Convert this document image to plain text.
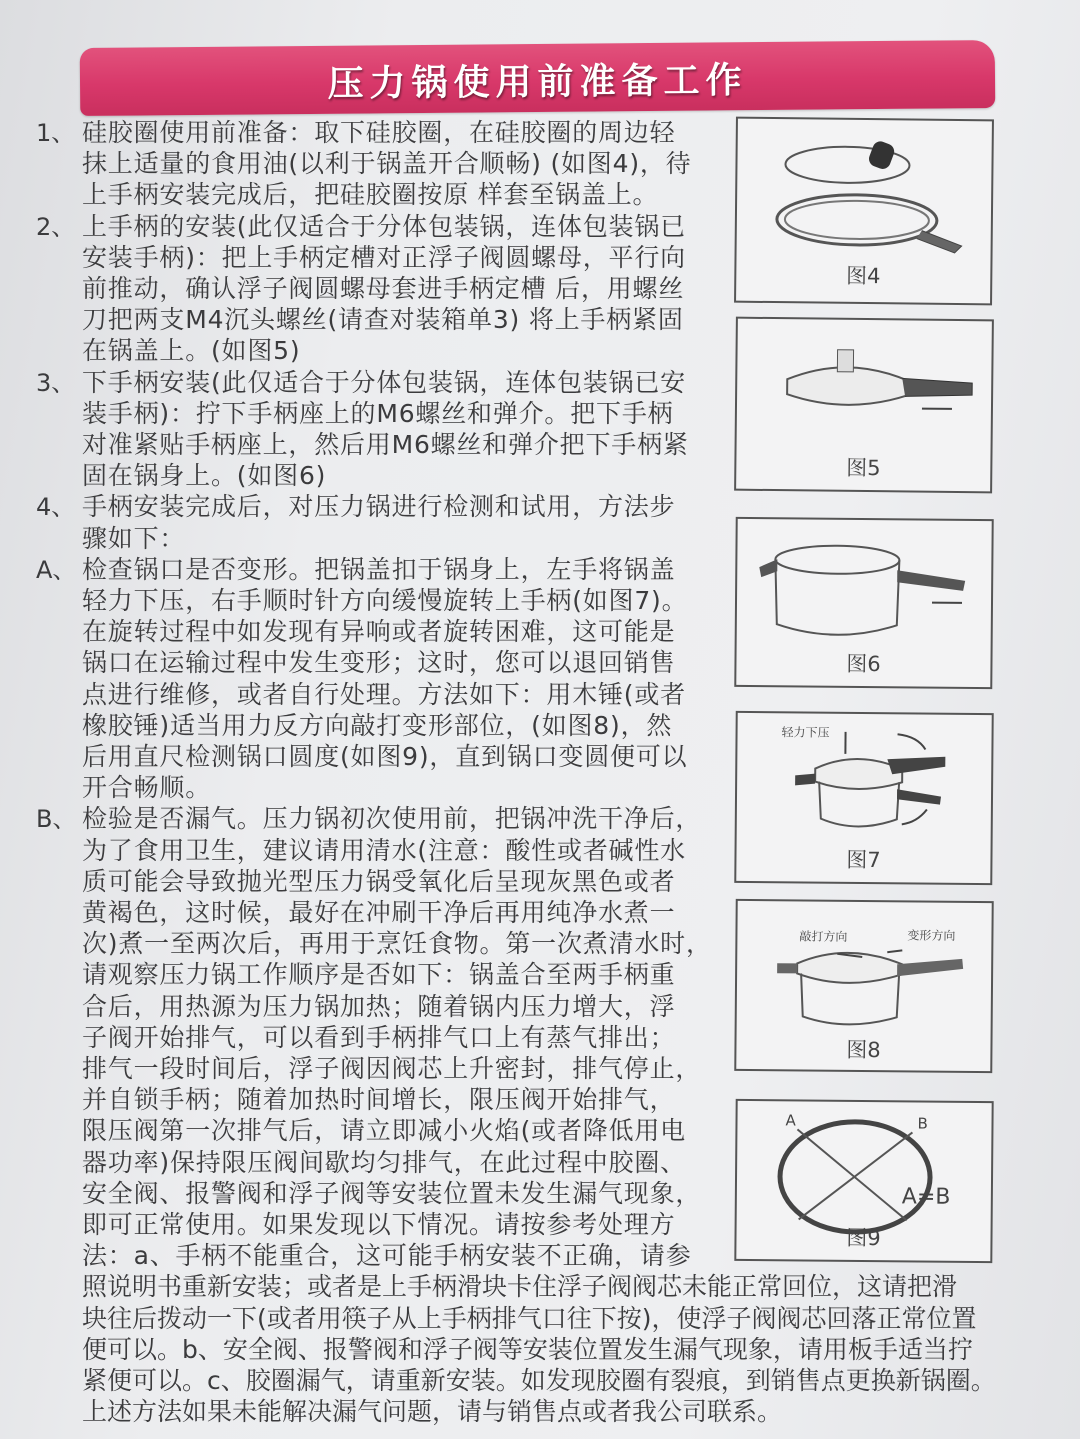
压力锅使用前准备工作
1、 硅胶圈使用前准备：取下硅胶圈，在硅胶圈的周边轻
抹上适量的食用油(以利于锅盖开合顺畅) (如图4)，待
上手柄安装完成后，把硅胶圈按原 样套至锅盖上。
2、 上手柄的安装(此仅适合于分体包装锅，连体包装锅已
安装手柄)：把上手柄定槽对正浮子阀圆螺母，平行向
前推动，确认浮子阀圆螺母套进手柄定槽 后，用螺丝
刀把两支M4沉头螺丝(请查对装箱单3) 将上手柄紧固
在锅盖上。(如图5)
3、 下手柄安装(此仅适合于分体包装锅，连体包装锅已安
装手柄)：拧下手柄座上的M6螺丝和弹介。把下手柄
对准紧贴手柄座上，然后用M6螺丝和弹介把下手柄紧
固在锅身上。(如图6)
4、 手柄安装完成后，对压力锅进行检测和试用，方法步
骤如下：
A、 检查锅口是否变形。把锅盖扣于锅身上，左手将锅盖
轻力下压，右手顺时针方向缓慢旋转上手柄(如图7)。
在旋转过程中如发现有异响或者旋转困难，这可能是
锅口在运输过程中发生变形；这时，您可以退回销售
点进行维修，或者自行处理。方法如下：用木锤(或者
橡胶锤)适当用力反方向敲打变形部位，(如图8)，然
后用直尺检测锅口圆度(如图9)，直到锅口变圆便可以
开合畅顺。
B、 检验是否漏气。压力锅初次使用前，把锅冲洗干净后，
为了食用卫生，建议请用清水(注意：酸性或者碱性水
质可能会导致抛光型压力锅受氧化后呈现灰黑色或者
黄褐色，这时候，最好在冲刷干净后再用纯净水煮一
次)煮一至两次后，再用于烹饪食物。第一次煮清水时，
请观察压力锅工作顺序是否如下：锅盖合至两手柄重
合后，用热源为压力锅加热；随着锅内压力增大，浮
子阀开始排气，可以看到手柄排气口上有蒸气排出；
排气一段时间后，浮子阀因阀芯上升密封，排气停止，
并自锁手柄；随着加热时间增长，限压阀开始排气，
限压阀第一次排气后，请立即减小火焰(或者降低用电
器功率)保持限压阀间歇均匀排气，在此过程中胶圈、
安全阀、报警阀和浮子阀等安装位置未发生漏气现象，
即可正常使用。如果发现以下情况。请按参考处理方
法：a、手柄不能重合，这可能手柄安装不正确，请参
照说明书重新安装；或者是上手柄滑块卡住浮子阀阀芯未能正常回位，这请把滑
块往后拨动一下(或者用筷子从上手柄排气口往下按)，使浮子阀阀芯回落正常位置
便可以。b、安全阀、报警阀和浮子阀等安装位置发生漏气现象，请用板手适当拧
紧便可以。c、胶圈漏气，请重新安装。如发现胶圈有裂痕，到销售点更换新锅圈。
上述方法如果未能解决漏气问题，请与销售点或者我公司联系。
图4
图5
图6
轻力下压
图7
敲打方向	变形方向
图8
A	B
A=B
图9
